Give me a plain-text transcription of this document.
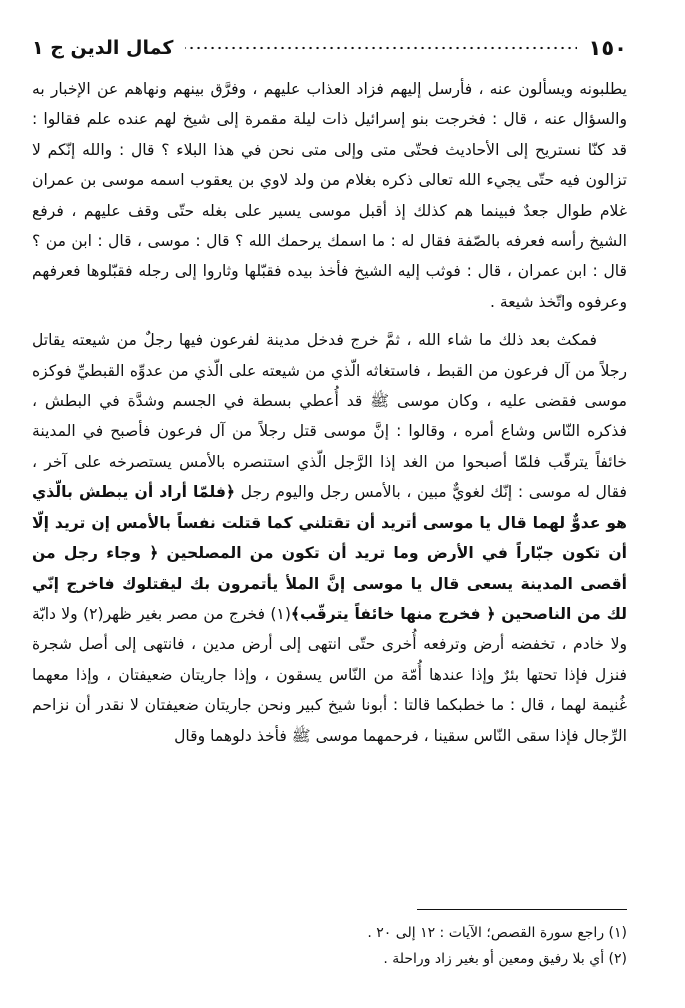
١٥٠
كمال الدين ج ١

يطلبونه ويسألون عنه ، فأرسل إليهم فزاد العذاب عليهم ، وفرَّق بينهم ونهاهم عن الإخبار به والسؤال عنه ، قال : فخرجت بنو إسرائيل ذات ليلة مقمرة إلى شيخ لهم عنده علم فقالوا : قد كنّا نستريح إلى الأحاديث فحتّى متى وإلى متى نحن في هذا البلاء ؟ قال : والله إنّكم لا تزالون فيه حتّى يجيء الله تعالى ذكره بغلام من ولد لاوي بن يعقوب اسمه موسى بن عمران غلام طوال جعدٌ فبينما هم كذلك إذ أقبل موسى يسير على بغله حتّى وقف عليهم ، فرفع الشيخ رأسه فعرفه بالصّفة فقال له : ما اسمك يرحمك الله ؟ قال : موسى ، قال : ابن من ؟ قال : ابن عمران ، قال : فوثب إليه الشيخ فأخذ بيده فقبّلها وثاروا إلى رجله فقبّلوها فعرفهم وعرفوه واتّخذ شيعة .

فمكث بعد ذلك ما شاء الله ، ثمَّ خرج فدخل مدينة لفرعون فيها رجلٌ من شيعته يقاتل رجلاً من آل فرعون من القبط ، فاستغاثه الّذي من شيعته على الّذي من عدوِّه القبطيِّ فوكزه موسى فقضى عليه ، وكان موسى ﷺ قد أُعطي بسطة في الجسم وشدَّة في البطش ، فذكره النّاس وشاع أمره ، وقالوا : إنَّ موسى قتل رجلاً من آل فرعون فأصبح في المدينة خائفاً يترقّب فلمّا أصبحوا من الغد إذا الرَّجل الّذي استنصره بالأمس يستصرخه على آخر ، فقال له موسى : إنّك لغويٌّ مبين ، بالأمس رجل واليوم رجل ﴿فلمّا أراد أن يبطش بالّذي هو عدوٌّ لهما قال يا موسى أتريد أن تقتلني كما قتلت نفساً بالأمس إن تريد إلّا أن تكون جبّاراً في الأرض وما تريد أن تكون من المصلحين ﴿ وجاء رجل من أقصى المدينة يسعى قال يا موسى إنَّ الملأ يأتمرون بك ليقتلوك فاخرج إنّي لك من الناصحين ﴿ فخرج منها خائفاً يترقّب﴾(١) فخرج من مصر بغير ظهر(٢) ولا دابّة ولا خادم ، تخفضه أرض وترفعه أُخرى حتّى انتهى إلى أرض مدين ، فانتهى إلى أصل شجرة فنزل فإذا تحتها بئرٌ وإذا عندها أُمّة من النّاس يسقون ، وإذا جاريتان ضعيفتان ، وإذا معهما غُنيمة لهما ، قال : ما خطبكما قالتا : أبونا شيخ كبير ونحن جاريتان ضعيفتان لا نقدر أن نزاحم الرِّجال فإذا سقى النّاس سقينا ، فرحمهما موسى ﷺ فأخذ دلوهما وقال

(١) راجع سورة القصص؛ الآيات : ١٢ إلى ٢٠ .
(٢) أي بلا رفيق ومعين أو بغير زاد وراحلة .
